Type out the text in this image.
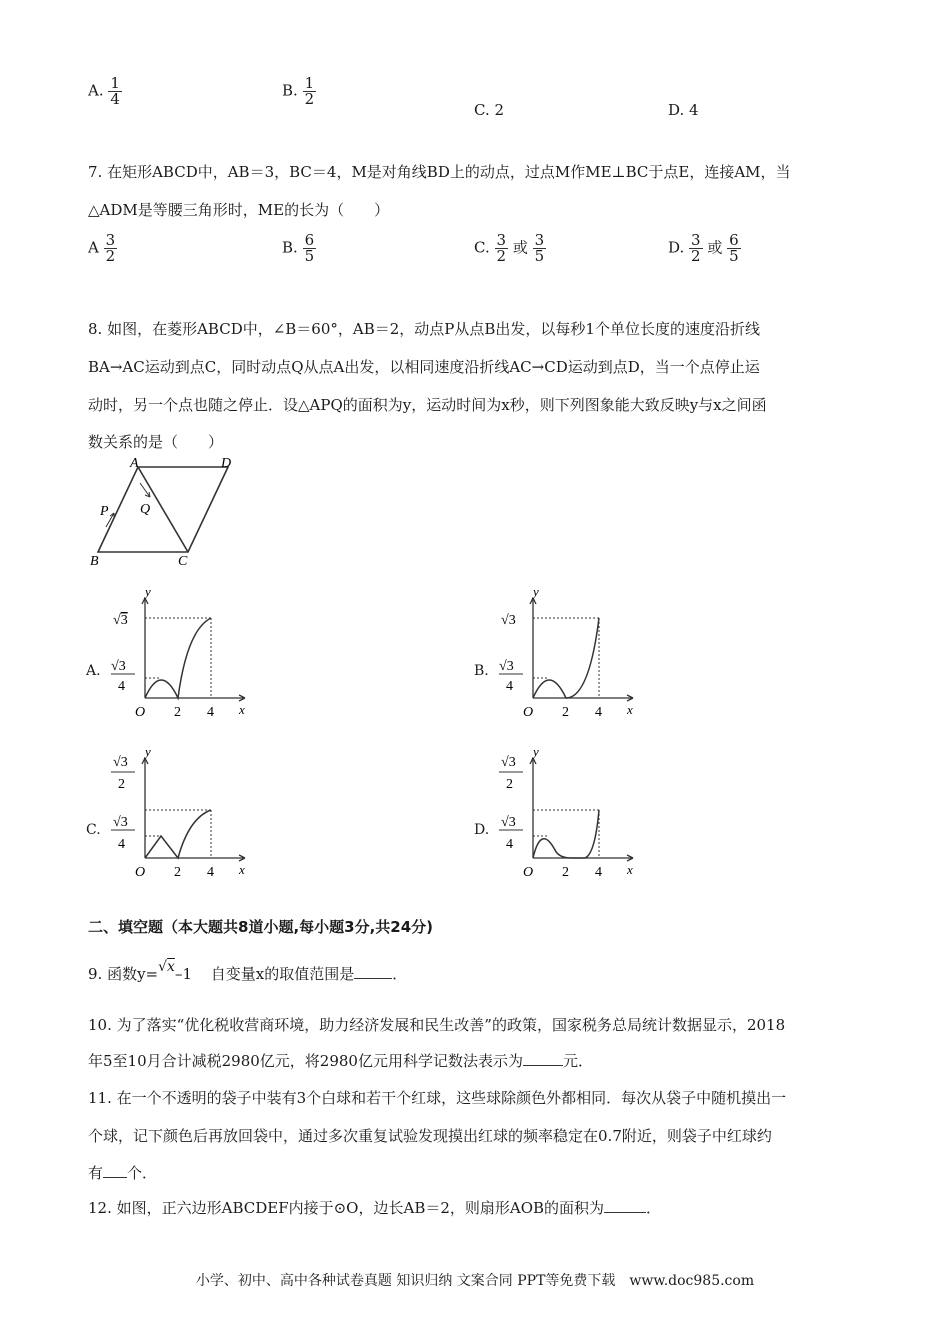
A. $\frac{1}{4}$	B. $\frac{1}{2}$
C. 2	D. 4
7. 在矩形ABCD中，AB＝3，BC＝4，M是对角线BD上的动点，过点M作ME⊥BC于点E，连接AM，当
△ADM是等腰三角形时，ME的长为（　　）
A $\frac{3}{2}$	B. $\frac{6}{5}$	C. $\frac{3}{2}$ 或 $\frac{3}{5}$	D. $\frac{3}{2}$ 或 $\frac{6}{5}$
8. 如图，在菱形ABCD中，∠B＝60°，AB＝2，动点P从点B出发，以每秒1个单位长度的速度沿折线
BA→AC运动到点C，同时动点Q从点A出发，以相同速度沿折线AC→CD运动到点D，当一个点停止运
动时，另一个点也随之停止．设△APQ的面积为y，运动时间为x秒，则下列图象能大致反映y与x之间函
数关系的是（　　）
A	D
B	C
P Q
A.	B.
C.	D.
√3
√3
4
y
O 2 4 x
√3
√3
4
y
O 2 4 x
√3
2
√3
4
y
O 2 4 x
√3
2
√3
4
y
O 2 4 x
二、填空题（本大题共8道小题,每小题3分,共24分)
9. 函数y=√x–1 自变量x的取值范围是	．
10. 为了落实“优化税收营商环境，助力经济发展和民生改善”的政策，国家税务总局统计数据显示，2018
年5至10月合计减税2980亿元，将2980亿元用科学记数法表示为	元．
11. 在一个不透明的袋子中装有3个白球和若干个红球，这些球除颜色外都相同．每次从袋子中随机摸出一
个球，记下颜色后再放回袋中，通过多次重复试验发现摸出红球的频率稳定在0.7附近，则袋子中红球约
有 个．
12. 如图，正六边形ABCDEF内接于⊙O，边长AB＝2，则扇形AOB的面积为	．
小学、初中、高中各种试卷真题 知识归纳 文案合同 PPT等免费下载　www.doc985.com
